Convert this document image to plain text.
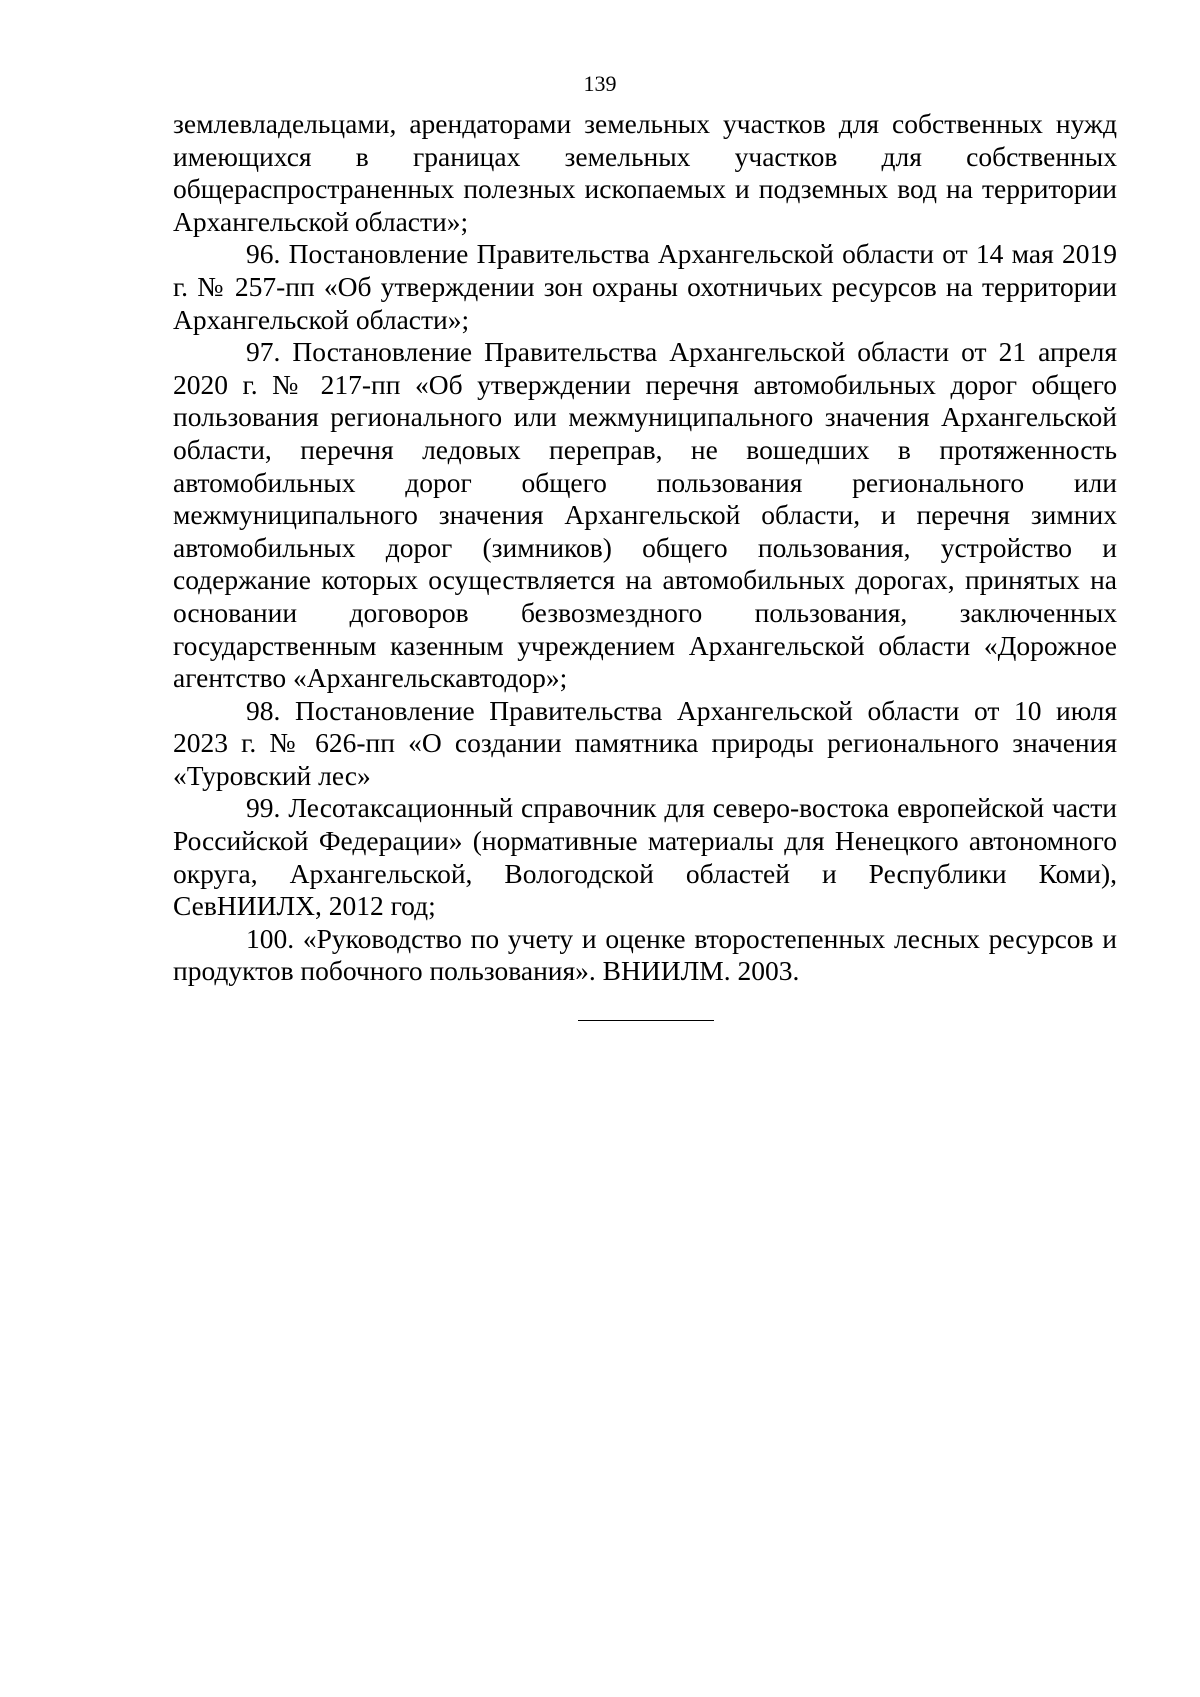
139

землевладельцами, арендаторами земельных участков для собственных нужд имеющихся в границах земельных участков для собственных общераспространенных полезных ископаемых и подземных вод на территории Архангельской области»;

96. Постановление Правительства Архангельской области от 14 мая 2019 г. № 257-пп «Об утверждении зон охраны охотничьих ресурсов на территории Архангельской области»;

97. Постановление Правительства Архангельской области от 21 апреля 2020 г. № 217-пп «Об утверждении перечня автомобильных дорог общего пользования регионального или межмуниципального значения Архангельской области, перечня ледовых переправ, не вошедших в протяженность автомобильных дорог общего пользования регионального или межмуниципального значения Архангельской области, и перечня зимних автомобильных дорог (зимников) общего пользования, устройство и содержание которых осуществляется на автомобильных дорогах, принятых на основании договоров безвозмездного пользования, заключенных государственным казенным учреждением Архангельской области «Дорожное агентство «Архангельскавтодор»;

98. Постановление Правительства Архангельской области от 10 июля 2023 г. № 626-пп «О создании памятника природы регионального значения «Туровский лес»

99. Лесотаксационный справочник для северо-востока европейской части Российской Федерации» (нормативные материалы для Ненецкого автономного округа, Архангельской, Вологодской областей и Республики Коми), СевНИИЛХ, 2012 год;

100. «Руководство по учету и оценке второстепенных лесных ресурсов и продуктов побочного пользования». ВНИИЛМ. 2003.
